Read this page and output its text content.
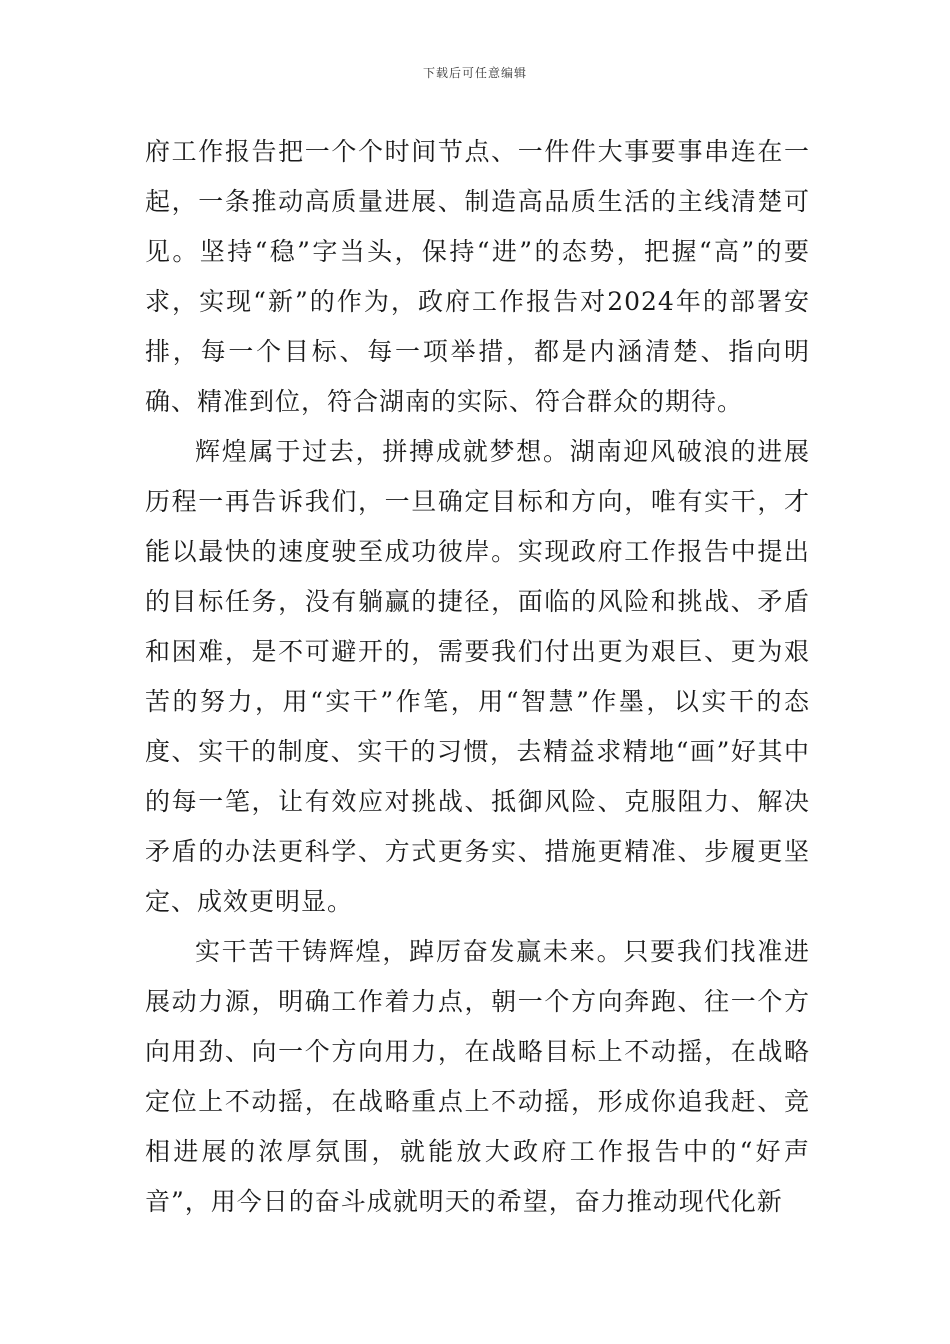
下载后可任意编辑

府工作报告把一个个时间节点、一件件大事要事串连在一起，一条推动高质量进展、制造高品质生活的主线清楚可见。坚持“稳”字当头，保持“进”的态势，把握“高”的要求，实现“新”的作为，政府工作报告对2024年的部署安排，每一个目标、每一项举措，都是内涵清楚、指向明确、精准到位，符合湖南的实际、符合群众的期待。

辉煌属于过去，拼搏成就梦想。湖南迎风破浪的进展历程一再告诉我们，一旦确定目标和方向，唯有实干，才能以最快的速度驶至成功彼岸。实现政府工作报告中提出的目标任务，没有躺赢的捷径，面临的风险和挑战、矛盾和困难，是不可避开的，需要我们付出更为艰巨、更为艰苦的努力，用“实干”作笔，用“智慧”作墨，以实干的态度、实干的制度、实干的习惯，去精益求精地“画”好其中的每一笔，让有效应对挑战、抵御风险、克服阻力、解决矛盾的办法更科学、方式更务实、措施更精准、步履更坚定、成效更明显。

实干苦干铸辉煌，踔厉奋发赢未来。只要我们找准进展动力源，明确工作着力点，朝一个方向奔跑、往一个方向用劲、向一个方向用力，在战略目标上不动摇，在战略定位上不动摇，在战略重点上不动摇，形成你追我赶、竞相进展的浓厚氛围，就能放大政府工作报告中的“好声音”，用今日的奋斗成就明天的希望，奋力推动现代化新
